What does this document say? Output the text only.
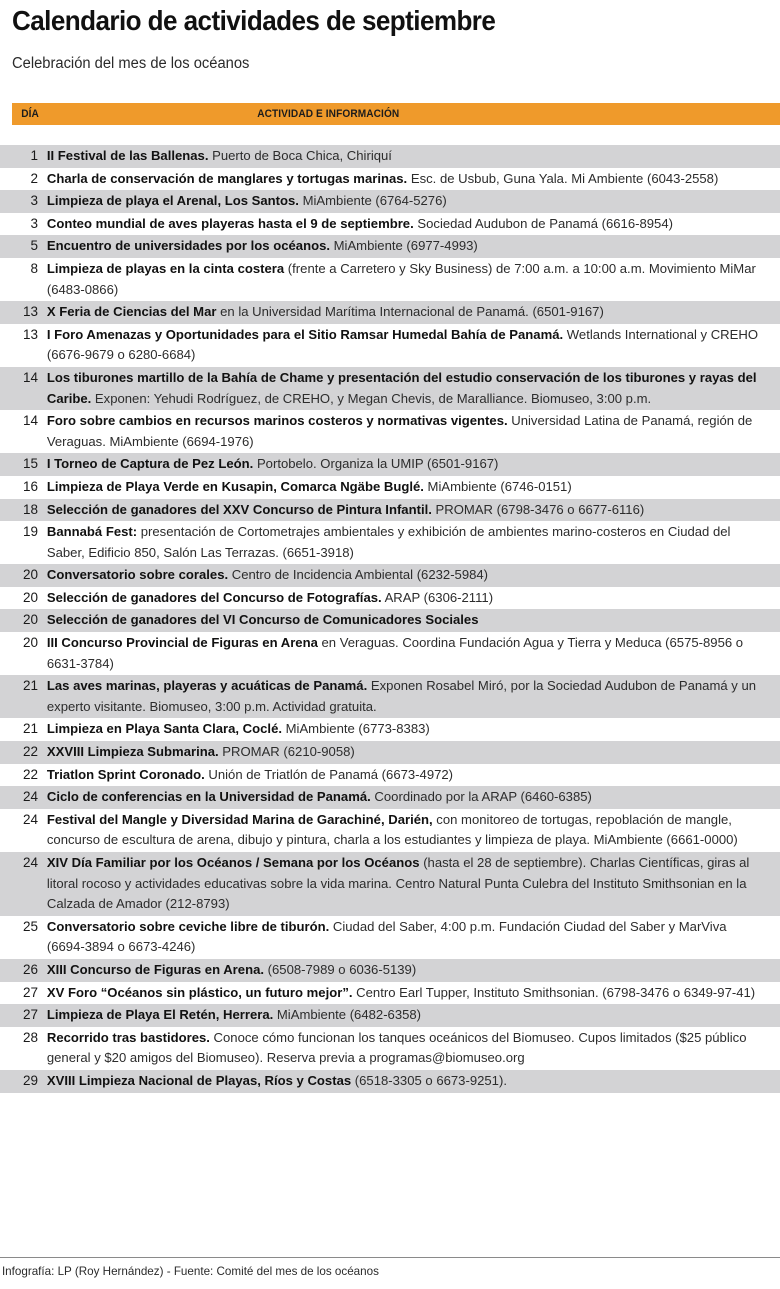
Calendario de actividades de septiembre

Celebración del mes de los océanos

DÍA	ACTIVIDAD E INFORMACIÓN
1 II Festival de las Ballenas. Puerto de Boca Chica, Chiriquí
2 Charla de conservación de manglares y tortugas marinas. Esc. de Usbub, Guna Yala. Mi Ambiente (6043-2558)
3 Limpieza de playa el Arenal, Los Santos. MiAmbiente (6764-5276)
3 Conteo mundial de aves playeras hasta el 9 de septiembre. Sociedad Audubon de Panamá (6616-8954)
5 Encuentro de universidades por los océanos. MiAmbiente (6977-4993)
8 Limpieza de playas en la cinta costera (frente a Carretero y Sky Business) de 7:00 a.m. a 10:00 a.m. Movimiento MiMar (6483-0866)
13 X Feria de Ciencias del Mar en la Universidad Marítima Internacional de Panamá. (6501-9167)
13 I Foro Amenazas y Oportunidades para el Sitio Ramsar Humedal Bahía de Panamá. Wetlands International y CREHO (6676-9679 o 6280-6684)
14 Los tiburones martillo de la Bahía de Chame y presentación del estudio conservación de los tiburones y rayas del Caribe. Exponen: Yehudi Rodríguez, de CREHO, y Megan Chevis, de Maralliance. Biomuseo, 3:00 p.m.
14 Foro sobre cambios en recursos marinos costeros y normativas vigentes. Universidad Latina de Panamá, región de Veraguas. MiAmbiente (6694-1976)
15 I Torneo de Captura de Pez León. Portobelo. Organiza la UMIP (6501-9167)
16 Limpieza de Playa Verde en Kusapin, Comarca Ngäbe Buglé. MiAmbiente (6746-0151)
18 Selección de ganadores del XXV Concurso de Pintura Infantil. PROMAR (6798-3476 o 6677-6116)
19 Bannabá Fest: presentación de Cortometrajes ambientales y exhibición de ambientes marino-costeros en Ciudad del Saber, Edificio 850, Salón Las Terrazas. (6651-3918)
20 Conversatorio sobre corales. Centro de Incidencia Ambiental (6232-5984)
20 Selección de ganadores del Concurso de Fotografías. ARAP (6306-2111)
20 Selección de ganadores del VI Concurso de Comunicadores Sociales
20 III Concurso Provincial de Figuras en Arena en Veraguas. Coordina Fundación Agua y Tierra y Meduca (6575-8956 o 6631-3784)
21 Las aves marinas, playeras y acuáticas de Panamá. Exponen Rosabel Miró, por la Sociedad Audubon de Panamá y un experto visitante. Biomuseo, 3:00 p.m. Actividad gratuita.
21 Limpieza en Playa Santa Clara, Coclé. MiAmbiente (6773-8383)
22 XXVIII Limpieza Submarina. PROMAR (6210-9058)
22 Triatlon Sprint Coronado. Unión de Triatlón de Panamá (6673-4972)
24 Ciclo de conferencias en la Universidad de Panamá. Coordinado por la ARAP (6460-6385)
24 Festival del Mangle y Diversidad Marina de Garachiné, Darién, con monitoreo de tortugas, repoblación de mangle, concurso de escultura de arena, dibujo y pintura, charla a los estudiantes y limpieza de playa. MiAmbiente (6661-0000)
24 XIV Día Familiar por los Océanos / Semana por los Océanos (hasta el 28 de septiembre). Charlas Científicas, giras al litoral rocoso y actividades educativas sobre la vida marina. Centro Natural Punta Culebra del Instituto Smithsonian en la Calzada de Amador (212-8793)
25 Conversatorio sobre ceviche libre de tiburón. Ciudad del Saber, 4:00 p.m. Fundación Ciudad del Saber y MarViva (6694-3894 o 6673-4246)
26 XIII Concurso de Figuras en Arena. (6508-7989 o 6036-5139)
27 XV Foro “Océanos sin plástico, un futuro mejor”. Centro Earl Tupper, Instituto Smithsonian. (6798-3476 o 6349-97-41)
27 Limpieza de Playa El Retén, Herrera. MiAmbiente (6482-6358)
28 Recorrido tras bastidores. Conoce cómo funcionan los tanques oceánicos del Biomuseo. Cupos limitados ($25 público general y $20 amigos del Biomuseo). Reserva previa a programas@biomuseo.org
29 XVIII Limpieza Nacional de Playas, Ríos y Costas (6518-3305 o 6673-9251).
Infografía: LP (Roy Hernández) - Fuente: Comité del mes de los océanos
